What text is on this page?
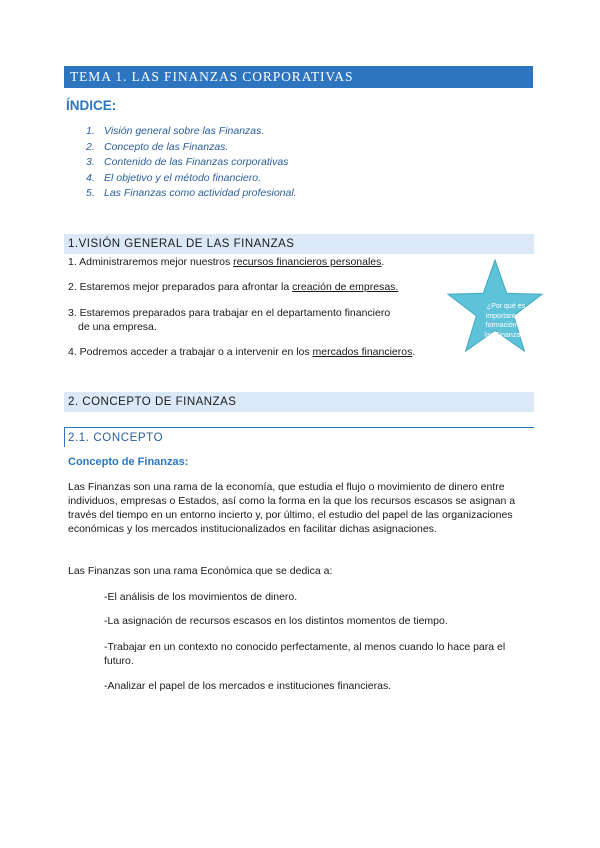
TEMA 1. LAS FINANZAS CORPORATIVAS
ÍNDICE:
1. Visión general sobre las Finanzas.
2. Concepto de las Finanzas.
3. Contenido de las Finanzas corporativas
4. El objetivo y el método financiero.
5. Las Finanzas como actividad profesional.
1.VISIÓN GENERAL DE LAS FINANZAS
1. Administraremos mejor nuestros recursos financieros personales.
2. Estaremos mejor preparados para afrontar la creación de empresas.
3. Estaremos preparados para trabajar en el departamento financiero
de una empresa.
4. Podremos acceder a trabajar o a intervenir en los mercados financieros.
¿Por qué es
importante la
formación de
las Finanzas?
2. CONCEPTO DE FINANZAS
2.1. CONCEPTO
Concepto de Finanzas:
Las Finanzas son una rama de la economía, que estudia el flujo o movimiento de dinero entre individuos, empresas o Estados, así como la forma en la que los recursos escasos se asignan a través del tiempo en un entorno incierto y, por último, el estudio del papel de las organizaciones económicas y los mercados institucionalizados en facilitar dichas asignaciones.
Las Finanzas son una rama Económica que se dedica a:
-El análisis de los movimientos de dinero.
-La asignación de recursos escasos en los distintos momentos de tiempo.
-Trabajar en un contexto no conocido perfectamente, al menos cuando lo hace para el futuro.
-Analizar el papel de los mercados e instituciones financieras.
